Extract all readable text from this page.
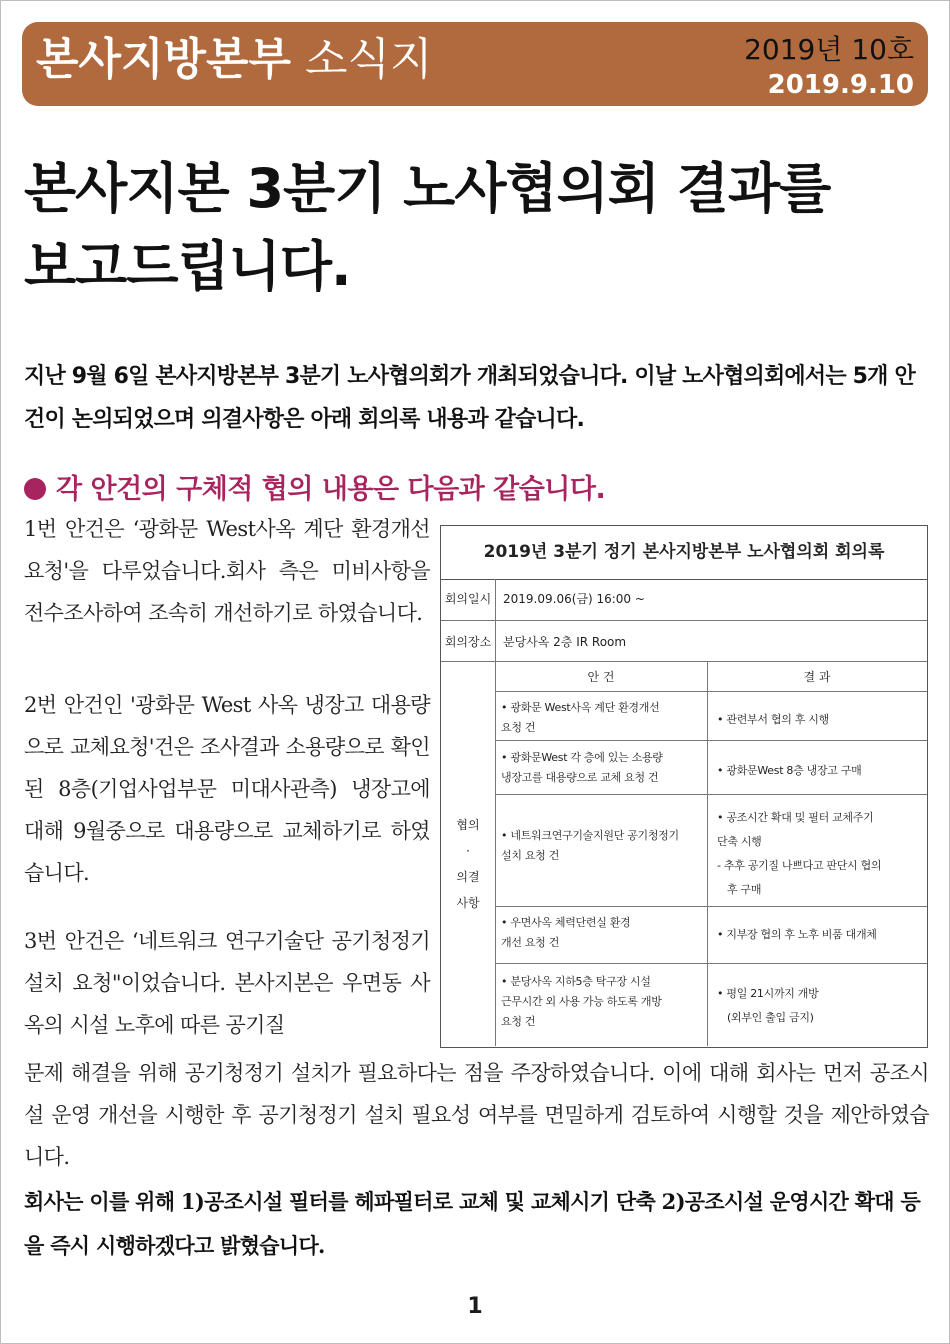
본사지방본부 소식지	2019년 10호
2019.9.10
본사지본 3분기 노사협의회 결과를
보고드립니다.
지난 9월 6일 본사지방본부 3분기 노사협의회가 개최되었습니다. 이날 노사협의회에서는 5개 안건이 논의되었으며 의결사항은 아래 회의록 내용과 같습니다.
각 안건의 구체적 협의 내용은 다음과 같습니다.
1번 안건은 ‘광화문 West사옥 계단 환경개선 요청'을 다루었습니다.회사 측은 미비사항을 전수조사하여 조속히 개선하기로 하였습니다.
2번 안건인 '광화문 West 사옥 냉장고 대용량으로 교체요청'건은 조사결과 소용량으로 확인된 8층(기업사업부문 미대사관측) 냉장고에 대해 9월중으로 대용량으로 교체하기로 하였습니다.
3번 안건은 ‘네트워크 연구기술단 공기청정기 설치 요청"이었습니다. 본사지본은 우면동 사옥의 시설 노후에 따른 공기질
문제 해결을 위해 공기청정기 설치가 필요하다는 점을 주장하였습니다. 이에 대해 회사는 먼저 공조시설 운영 개선을 시행한 후 공기청정기 설치 필요성 여부를 면밀하게 검토하여 시행할 것을 제안하였습니다.
회사는 이를 위해 1)공조시설 필터를 헤파필터로 교체 및 교체시기 단축 2)공조시설 운영시간 확대 등을 즉시 시행하겠다고 밝혔습니다.
2019년 3분기 정기 본사지방본부 노사협의회 회의록
회의일시 2019.09.06(금) 16:00 ~
회의장소 분당사옥 2층 IR Room
안 건	결 과
협의
·
의결
사항
• 광화문 West사옥 계단 환경개선
요청 건
• 관련부서 협의 후 시행
• 광화문West 각 층에 있는 소용량
냉장고를 대용량으로 교체 요청 건
• 광화문West 8층 냉장고 구매
• 네트워크연구기술지원단 공기청정기
설치 요청 건
• 공조시간 확대 및 필터 교체주기
단축 시행
- 추후 공기질 나쁘다고 판단시 협의
후 구매
• 우면사옥 체력단련실 환경
개선 요청 건
• 지부장 협의 후 노후 비품 대개체
• 분당사옥 지하5층 탁구장 시설
근무시간 외 사용 가능 하도록 개방
요청 건
• 평일 21시까지 개방
(외부인 출입 금지)
1
